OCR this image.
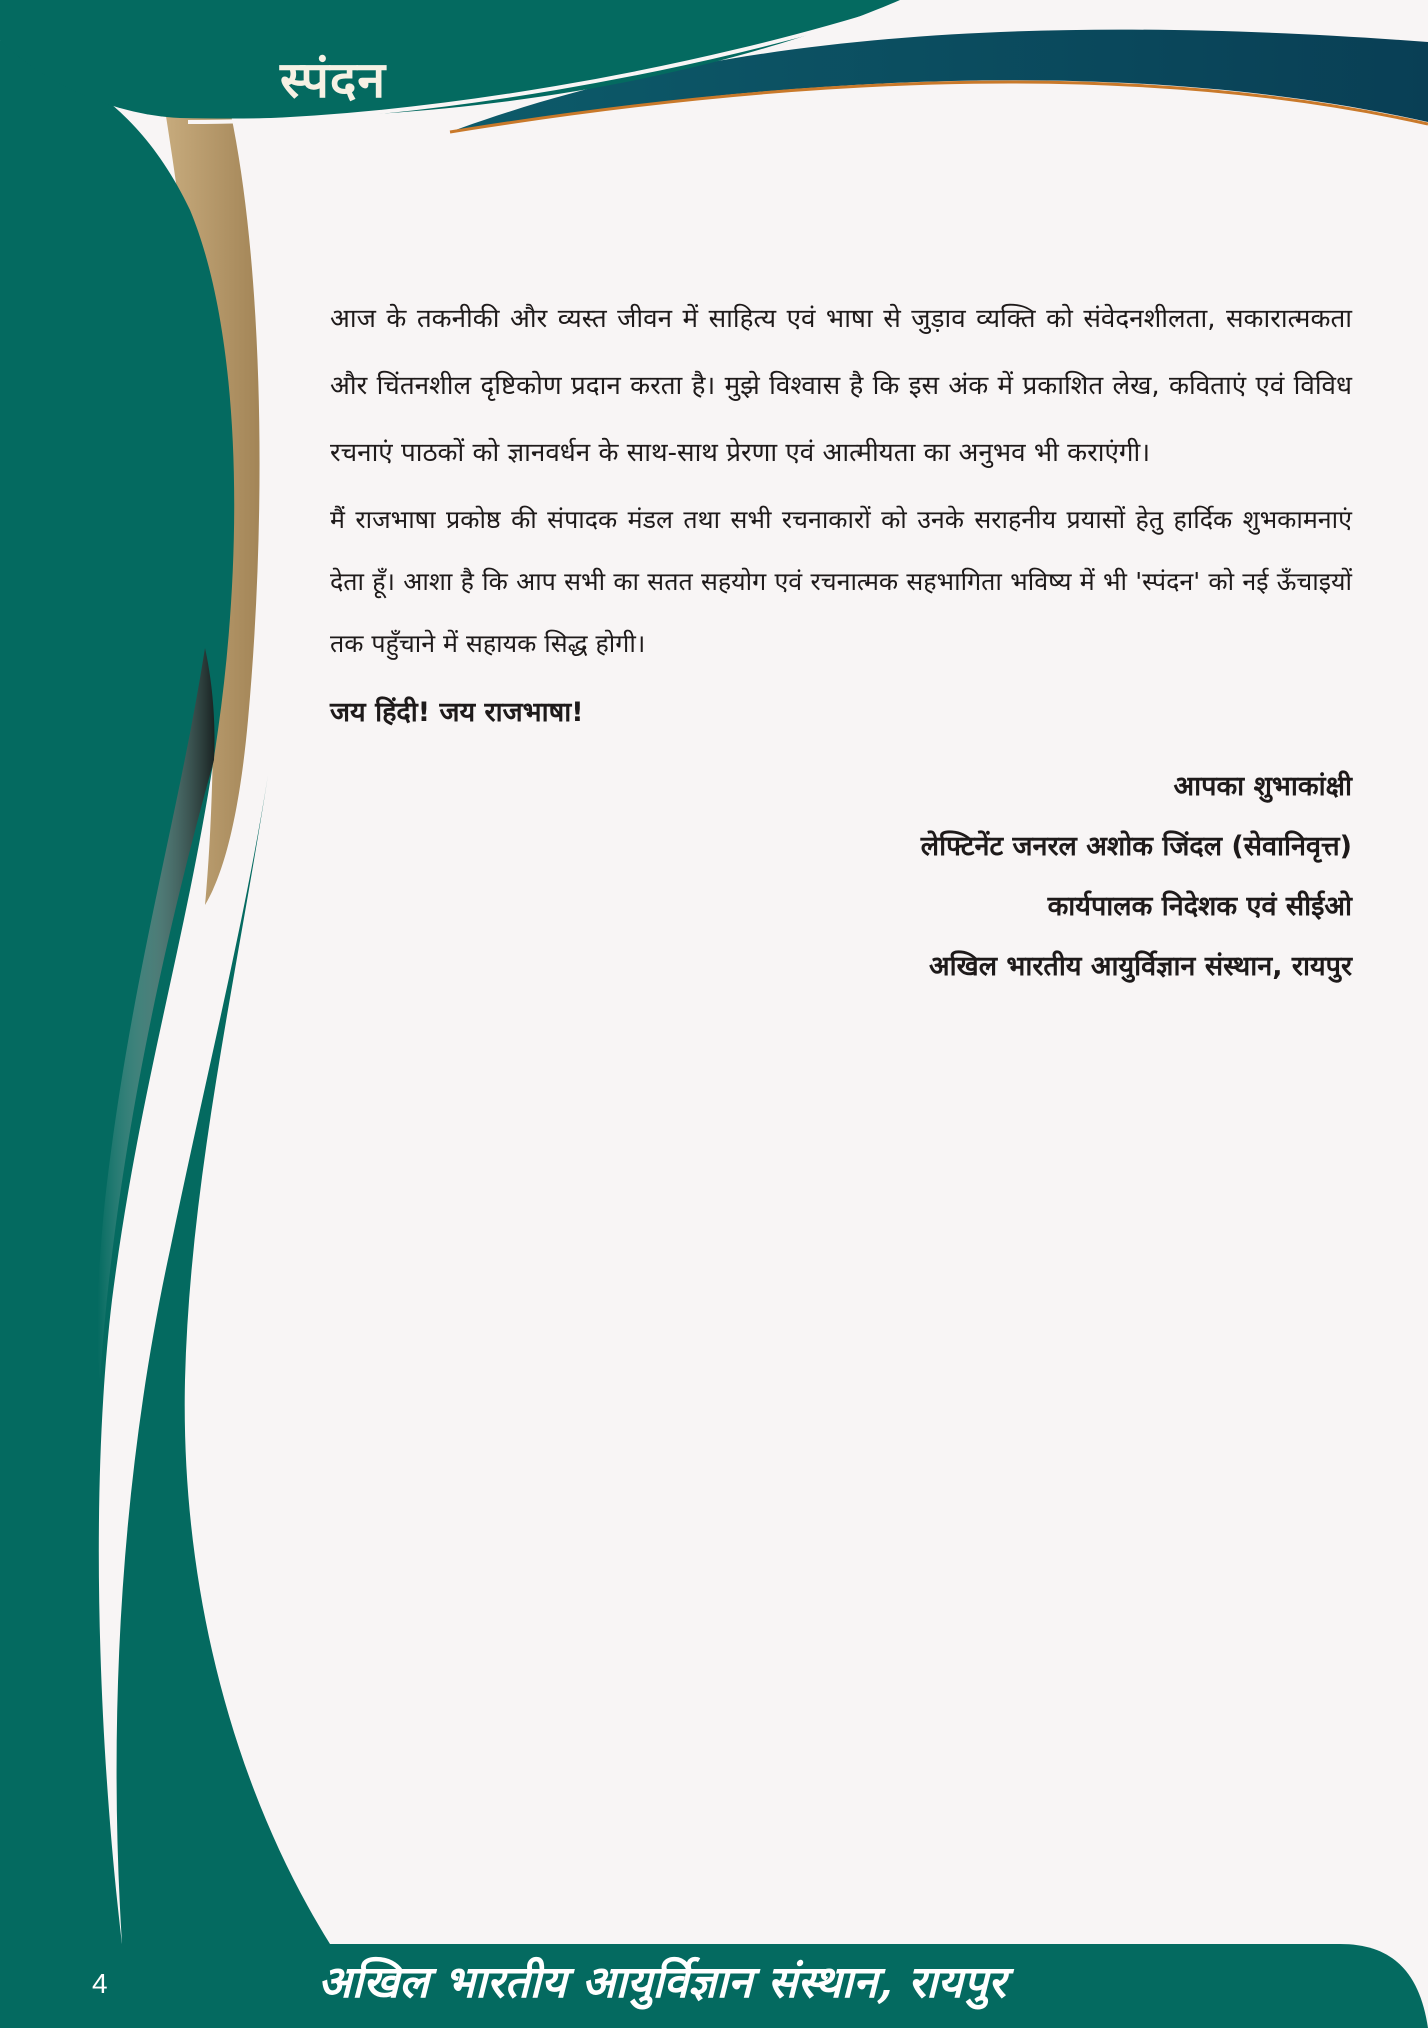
स्पंदन

आज के तकनीकी और व्यस्त जीवन में साहित्य एवं भाषा से जुड़ाव व्यक्ति को संवेदनशीलता, सकारात्मकता और चिंतनशील दृष्टिकोण प्रदान करता है। मुझे विश्वास है कि इस अंक में प्रकाशित लेख, कविताएं एवं विविध रचनाएं पाठकों को ज्ञानवर्धन के साथ-साथ प्रेरणा एवं आत्मीयता का अनुभव भी कराएंगी।

मैं राजभाषा प्रकोष्ठ की संपादक मंडल तथा सभी रचनाकारों को उनके सराहनीय प्रयासों हेतु हार्दिक शुभकामनाएं देता हूँ। आशा है कि आप सभी का सतत सहयोग एवं रचनात्मक सहभागिता भविष्य में भी 'स्पंदन' को नई ऊँचाइयों तक पहुँचाने में सहायक सिद्ध होगी।

जय हिंदी! जय राजभाषा!

आपका शुभाकांक्षी
लेफ्टिनेंट जनरल अशोक जिंदल (सेवानिवृत्त)
कार्यपालक निदेशक एवं सीईओ
अखिल भारतीय आयुर्विज्ञान संस्थान, रायपुर
4	अखिल भारतीय आयुर्विज्ञान संस्थान, रायपुर
